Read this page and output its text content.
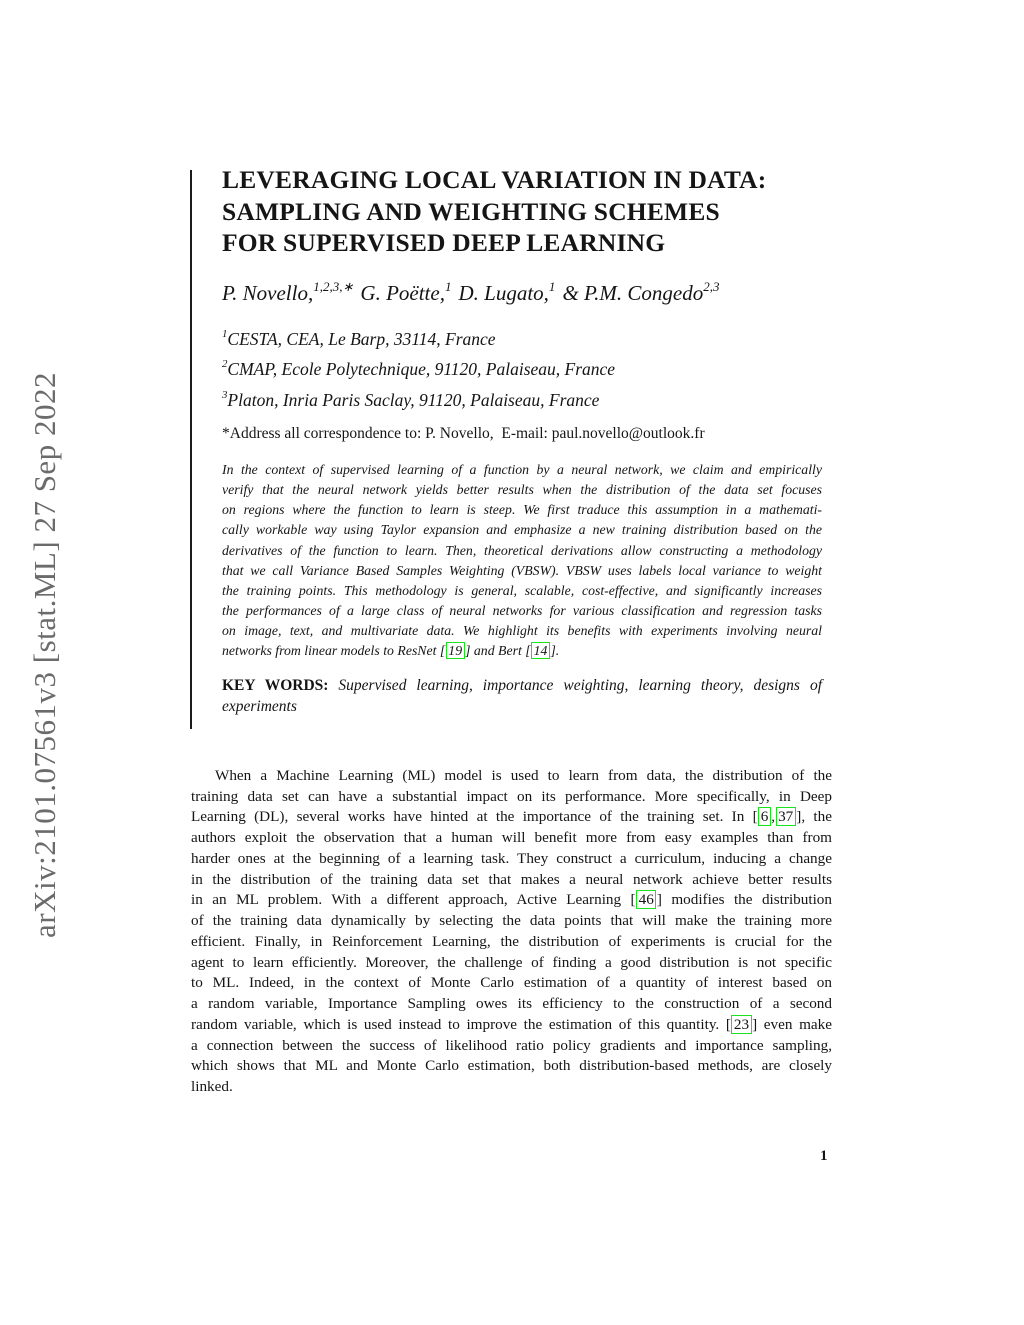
arXiv:2101.07561v3 [stat.ML] 27 Sep 2022
LEVERAGING LOCAL VARIATION IN DATA:
SAMPLING AND WEIGHTING SCHEMES
FOR SUPERVISED DEEP LEARNING
P. Novello,$^{1,2,3,∗}$ G. Poëtte,$^1$ D. Lugato,$^1$ & P.M. Congedo$^{2,3}$
$^1$CESTA, CEA, Le Barp, 33114, France
$^2$CMAP, Ecole Polytechnique, 91120, Palaiseau, France
$^3$Platon, Inria Paris Saclay, 91120, Palaiseau, France
*Address all correspondence to: P. Novello,  E-mail: paul.novello@outlook.fr
In the context of supervised learning of a function by a neural network, we claim and empirically
verify that the neural network yields better results when the distribution of the data set focuses
on regions where the function to learn is steep. We first traduce this assumption in a mathemati-
cally workable way using Taylor expansion and emphasize a new training distribution based on the
derivatives of the function to learn. Then, theoretical derivations allow constructing a methodology
that we call Variance Based Samples Weighting (VBSW). VBSW uses labels local variance to weight
the training points. This methodology is general, scalable, cost-effective, and significantly increases
the performances of a large class of neural networks for various classification and regression tasks
on image, text, and multivariate data. We highlight its benefits with experiments involving neural
networks from linear models to ResNet [ 19 ] and Bert [ 14 ].
KEY WORDS: Supervised learning, importance weighting, learning theory, designs of
experiments
When a Machine Learning (ML) model is used to learn from data, the distribution of the
training data set can have a substantial impact on its performance. More specifically, in Deep
Learning (DL), several works have hinted at the importance of the training set. In [ 6 , 37 ], the
authors exploit the observation that a human will benefit more from easy examples than from
harder ones at the beginning of a learning task. They construct a curriculum, inducing a change
in the distribution of the training data set that makes a neural network achieve better results
in an ML problem. With a different approach, Active Learning [ 46 ] modifies the distribution
of the training data dynamically by selecting the data points that will make the training more
efficient. Finally, in Reinforcement Learning, the distribution of experiments is crucial for the
agent to learn efficiently. Moreover, the challenge of finding a good distribution is not specific
to ML. Indeed, in the context of Monte Carlo estimation of a quantity of interest based on
a random variable, Importance Sampling owes its efficiency to the construction of a second
random variable, which is used instead to improve the estimation of this quantity. [ 23 ] even make
a connection between the success of likelihood ratio policy gradients and importance sampling,
which shows that ML and Monte Carlo estimation, both distribution-based methods, are closely
linked.
1
